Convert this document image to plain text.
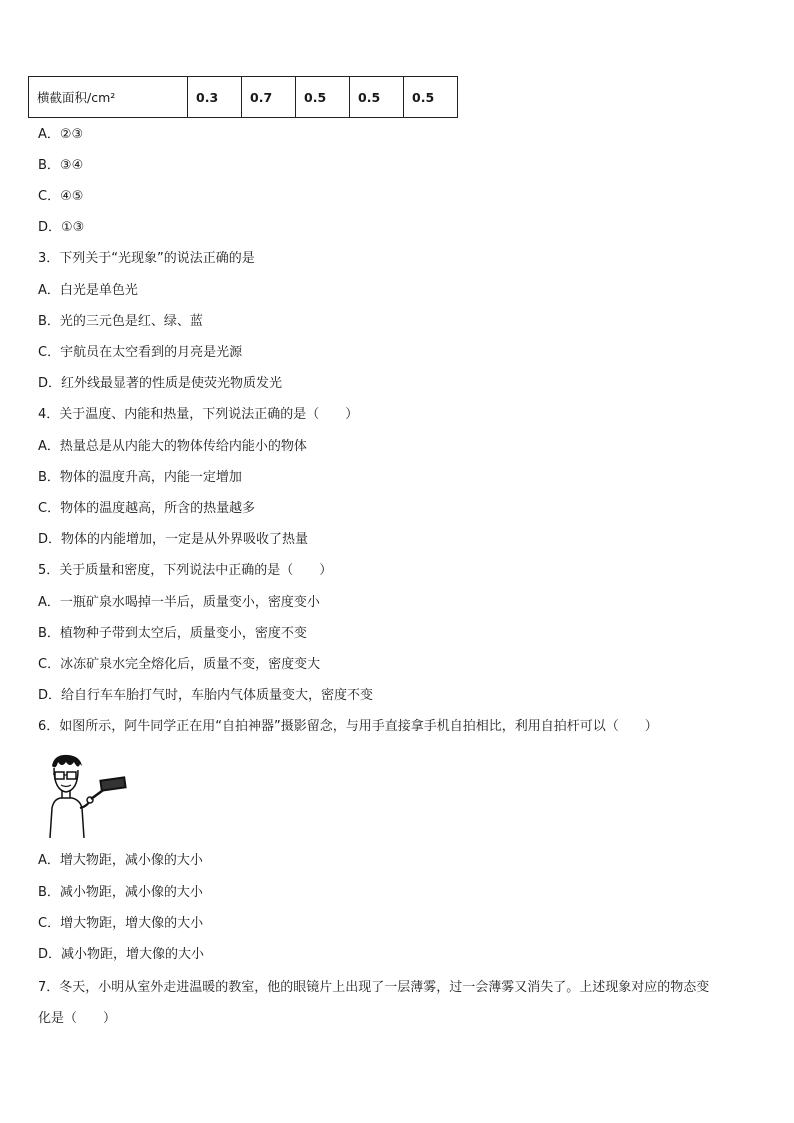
横截面积/cm²	0.3	0.7	0.5	0.5	0.5
A．②③
B．③④
C．④⑤
D．①③
3．下列关于“光现象”的说法正确的是
A．白光是单色光
B．光的三元色是红、绿、蓝
C．宇航员在太空看到的月亮是光源
D．红外线最显著的性质是使荧光物质发光
4．关于温度、内能和热量，下列说法正确的是（　　）
A．热量总是从内能大的物体传给内能小的物体
B．物体的温度升高，内能一定增加
C．物体的温度越高，所含的热量越多
D．物体的内能增加，一定是从外界吸收了热量
5．关于质量和密度，下列说法中正确的是（　　）
A．一瓶矿泉水喝掉一半后，质量变小，密度变小
B．植物种子带到太空后，质量变小，密度不变
C．冰冻矿泉水完全熔化后，质量不变，密度变大
D．给自行车车胎打气时，车胎内气体质量变大，密度不变
6．如图所示，阿牛同学正在用“自拍神器”摄影留念，与用手直接拿手机自拍相比，利用自拍杆可以（　　）
A．增大物距，减小像的大小
B．减小物距，减小像的大小
C．增大物距，增大像的大小
D．减小物距，增大像的大小
7．冬天，小明从室外走进温暖的教室，他的眼镜片上出现了一层薄雾，过一会薄雾又消失了。上述现象对应的物态变
化是（　　）
